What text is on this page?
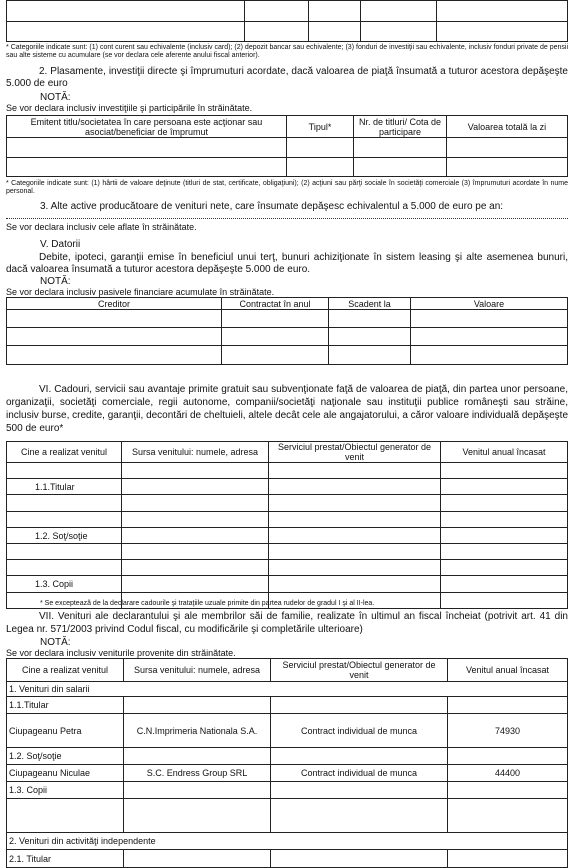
* Categoriile indicate sunt: (1) cont curent sau echivalente (inclusiv card); (2) depozit bancar sau echivalente; (3) fonduri de investiţii sau echivalente, inclusiv fonduri private de pensii sau alte sisteme cu acumulare (se vor declara cele aferente anului fiscal anterior).
2. Plasamente, investiţii directe şi împrumuturi acordate, dacă valoarea de piaţă însumată a tuturor acestora depăşeşte 5.000 de euro
NOTĂ:
Se vor declara inclusiv investiţiile şi participările în străinătate.
Emitent titlu/societatea în care persoana este acţionar sau asociat/beneficiar de împrumut	Tipul*	Nr. de titluri/ Cota de participare	Valoarea totală la zi

* Categoriile indicate sunt: (1) hârtii de valoare deţinute (titluri de stat, certificate, obligaţiuni); (2) acţiuni sau părţi sociale în societăţi comerciale (3) împrumuturi acordate în nume personal.
3. Alte active producătoare de venituri nete, care însumate depăşesc echivalentul a 5.000 de euro pe an:
Se vor declara inclusiv cele aflate în străinătate.
V. Datorii
Debite, ipoteci, garanţii emise în beneficiul unui terţ, bunuri achiziţionate în sistem leasing şi alte asemenea bunuri, dacă valoarea însumată a tuturor acestora depăşeşte 5.000 de euro.
NOTĂ:
Se vor declara inclusiv pasivele financiare acumulate în străinătate.
Creditor	Contractat în anul	Scadent la	Valoare

VI. Cadouri, servicii sau avantaje primite gratuit sau subvenţionate faţă de valoarea de piaţă, din partea unor persoane, organizaţii, societăţi comerciale, regii autonome, companii/societăţi naţionale sau instituţii publice româneşti sau străine, inclusiv burse, credite, garanţii, decontări de cheltuieli, altele decât cele ale angajatorului, a căror valoare individuală depăşeşte 500 de euro*
Cine a realizat venitul	Sursa venitului: numele, adresa	Serviciul prestat/Obiectul generator de venit	Venitul anual încasat

1.1.Titular			

1.2. Soţ/soţie			

1.3. Copii			

* Se exceptează de la declarare cadourile şi trataţiile uzuale primite din partea rudelor de gradul I şi al II-lea.
VII. Venituri ale declarantului şi ale membrilor săi de familie, realizate în ultimul an fiscal încheiat (potrivit art. 41 din Legea nr. 571/2003 privind Codul fiscal, cu modificările şi completările ulterioare)
NOTĂ:
Se vor declara inclusiv veniturile provenite din străinătate.
Cine a realizat venitul	Sursa venitului: numele, adresa	Serviciul prestat/Obiectul generator de venit	Venitul anual încasat
1. Venituri din salarii			
1.1.Titular			
Ciupageanu Petra	C.N.Imprimeria Nationala S.A.	Contract individual de munca	74930
1.2. Soţ/soţie			
Ciupageanu Niculae	S.C. Endress Group SRL	Contract individual de munca	44400
1.3. Copii			

2. Venituri din activităţi independente			
2.1. Titular			
